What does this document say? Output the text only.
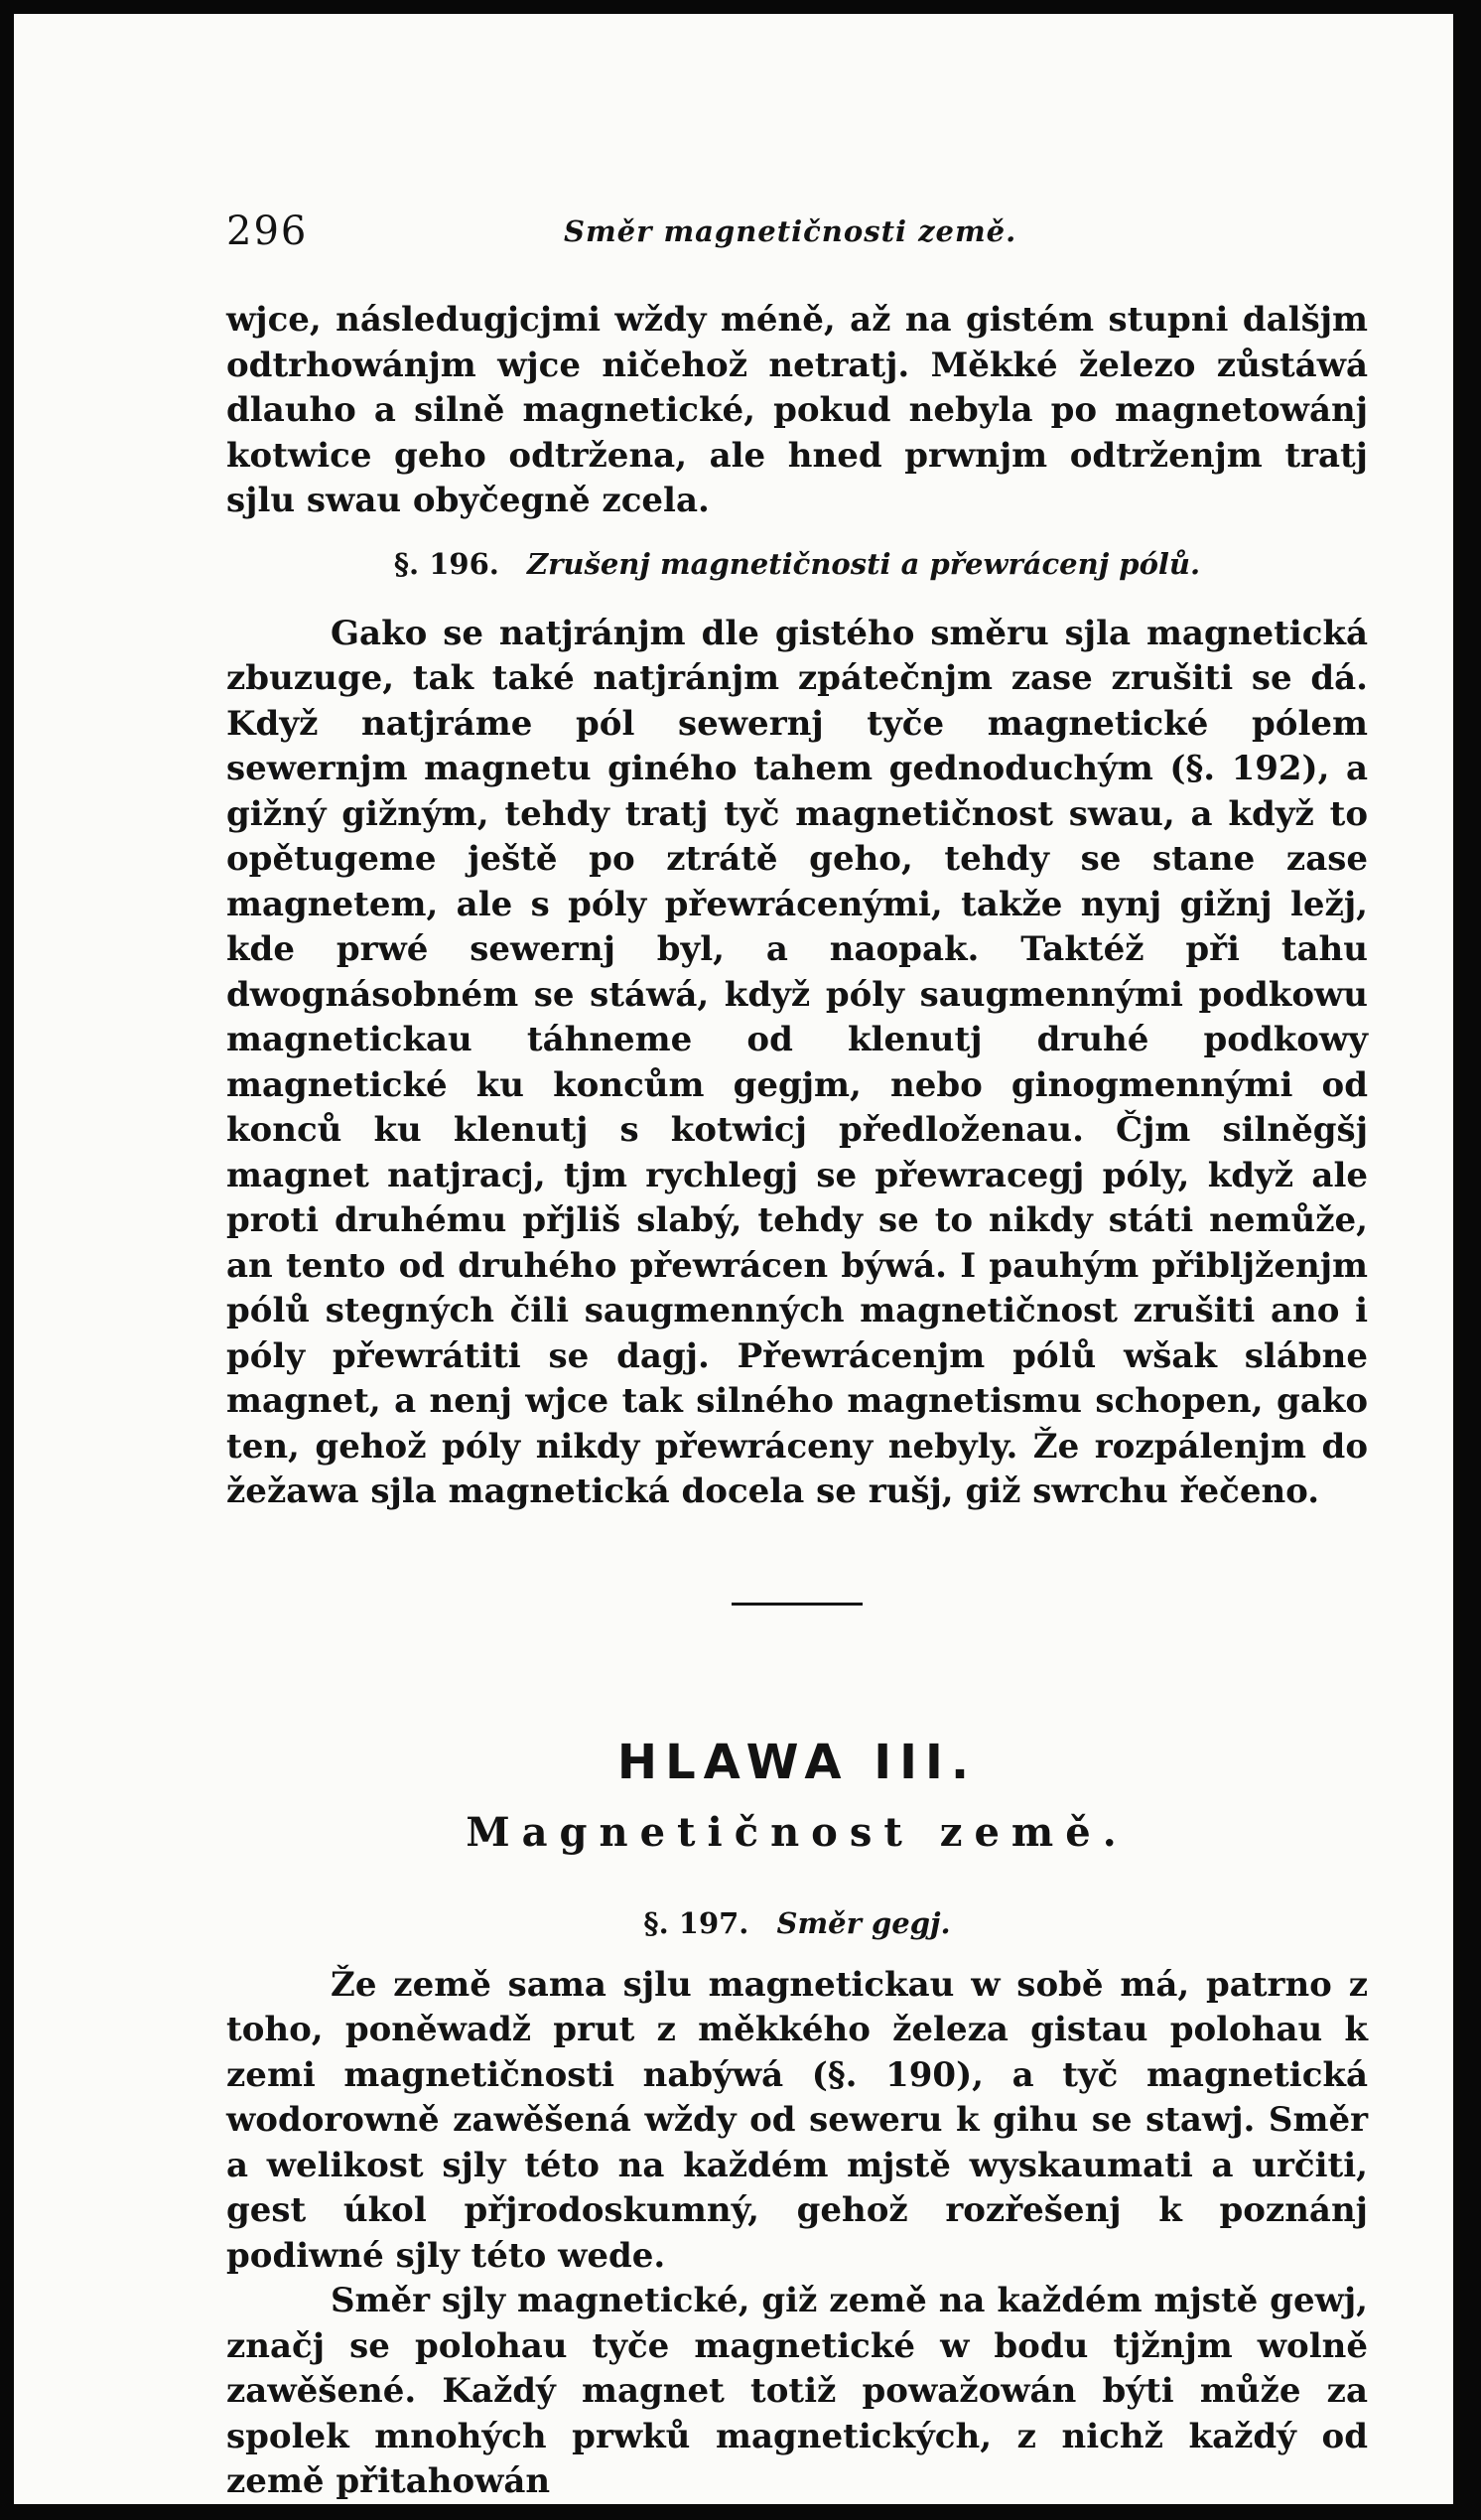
296	Směr magnetičnosti země.

wjce, následugjcjmi wždy méně, až na gistém stupni dalšjm odtrhowánjm wjce ničehož netratj. Měkké železo zůstáwá dlauho a silně magnetické, pokud nebyla po magnetowánj kotwice geho odtržena, ale hned prwnjm odtrženjm tratj sjlu swau obyčegně zcela.

§. 196. Zrušenj magnetičnosti a přewrácenj pólů.

Gako se natjránjm dle gistého směru sjla magnetická zbuzuge, tak také natjránjm zpátečnjm zase zrušiti se dá. Když natjráme pól sewernj tyče magnetické pólem sewernjm magnetu giného tahem gednoduchým (§. 192), a gižný gižným, tehdy tratj tyč magnetičnost swau, a když to opětugeme ještě po ztrátě geho, tehdy se stane zase magnetem, ale s póly přewrácenými, takže nynj gižnj ležj, kde prwé sewernj byl, a naopak. Taktéž při tahu dwognásobném se stáwá, když póly saugmennými podkowu magnetickau táhneme od klenutj druhé podkowy magnetické ku koncům gegjm, nebo ginogmennými od konců ku klenutj s kotwicj předloženau. Čjm silněgšj magnet natjracj, tjm rychlegj se přewracegj póly, když ale proti druhému přjliš slabý, tehdy se to nikdy státi nemůže, an tento od druhého přewrácen býwá. I pauhým přibljženjm pólů stegných čili saugmenných magnetičnost zrušiti ano i póly přewrátiti se dagj. Přewrácenjm pólů wšak slábne magnet, a nenj wjce tak silného magnetismu schopen, gako ten, gehož póly nikdy přewráceny nebyly. Že rozpálenjm do žežawa sjla magnetická docela se rušj, giž swrchu řečeno.

HLAWA III.
Magnetičnost země.
§. 197. Směr gegj.

Že země sama sjlu magnetickau w sobě má, patrno z toho, poněwadž prut z měkkého železa gistau polohau k zemi magnetičnosti nabýwá (§. 190), a tyč magnetická wodorowně zawěšená wždy od seweru k gihu se stawj. Směr a welikost sjly této na každém mjstě wyskaumati a určiti, gest úkol přjrodoskumný, gehož rozřešenj k poznánj podiwné sjly této wede.

Směr sjly magnetické, giž země na každém mjstě gewj, značj se polohau tyče magnetické w bodu tjžnjm wolně zawěšené. Každý magnet totiž powažowán býti může za spolek mnohých prwků magnetických, z nichž každý od země přitahowán
